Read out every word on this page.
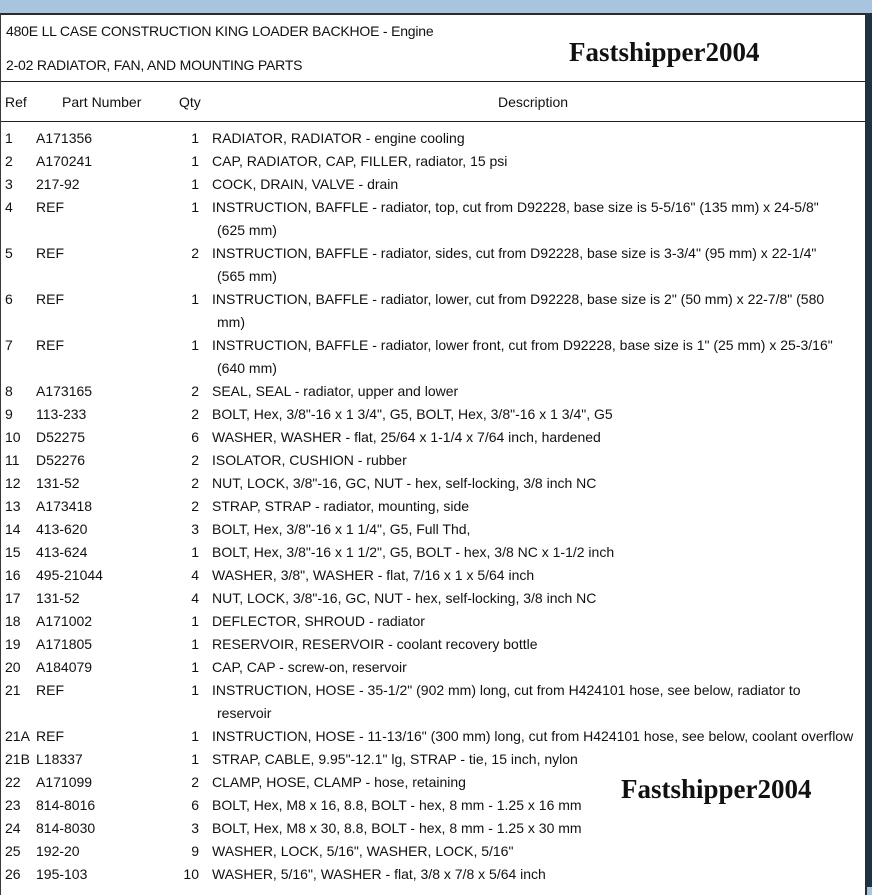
480E LL CASE CONSTRUCTION KING LOADER BACKHOE - Engine
2-02 RADIATOR, FAN, AND MOUNTING PARTS	Fastshipper2004
Ref	Part Number	Qty	Description
1	A171356	1 RADIATOR, RADIATOR - engine cooling
2	A170241	1 CAP, RADIATOR, CAP, FILLER, radiator, 15 psi
3	217-92	1 COCK, DRAIN, VALVE - drain
4	REF	1 INSTRUCTION, BAFFLE - radiator, top, cut from D92228, base size is 5-5/16" (135 mm) x 24-5/8"
(625 mm)
5	REF	2 INSTRUCTION, BAFFLE - radiator, sides, cut from D92228, base size is 3-3/4" (95 mm) x 22-1/4"
(565 mm)
6	REF	1 INSTRUCTION, BAFFLE - radiator, lower, cut from D92228, base size is 2" (50 mm) x 22-7/8" (580
mm)
7	REF	1 INSTRUCTION, BAFFLE - radiator, lower front, cut from D92228, base size is 1" (25 mm) x 25-3/16"
(640 mm)
8	A173165	2 SEAL, SEAL - radiator, upper and lower
9	113-233	2 BOLT, Hex, 3/8"-16 x 1 3/4", G5, BOLT, Hex, 3/8"-16 x 1 3/4", G5
10	D52275	6 WASHER, WASHER - flat, 25/64 x 1-1/4 x 7/64 inch, hardened
11	D52276	2 ISOLATOR, CUSHION - rubber
12	131-52	2 NUT, LOCK, 3/8"-16, GC, NUT - hex, self-locking, 3/8 inch NC
13	A173418	2 STRAP, STRAP - radiator, mounting, side
14	413-620	3 BOLT, Hex, 3/8"-16 x 1 1/4", G5, Full Thd,
15	413-624	1 BOLT, Hex, 3/8"-16 x 1 1/2", G5, BOLT - hex, 3/8 NC x 1-1/2 inch
16	495-21044	4 WASHER, 3/8", WASHER - flat, 7/16 x 1 x 5/64 inch
17	131-52	4 NUT, LOCK, 3/8"-16, GC, NUT - hex, self-locking, 3/8 inch NC
18	A171002	1 DEFLECTOR, SHROUD - radiator
19	A171805	1 RESERVOIR, RESERVOIR - coolant recovery bottle
20	A184079	1 CAP, CAP - screw-on, reservoir
21	REF	1 INSTRUCTION, HOSE - 35-1/2" (902 mm) long, cut from H424101 hose, see below, radiator to
reservoir
21A REF	1 INSTRUCTION, HOSE - 11-13/16" (300 mm) long, cut from H424101 hose, see below, coolant overflow
21B L18337	1 STRAP, CABLE, 9.95"-12.1" lg, STRAP - tie, 15 inch, nylon
22	A171099	2 CLAMP, HOSE, CLAMP - hose, retaining
23	814-8016	6 BOLT, Hex, M8 x 16, 8.8, BOLT - hex, 8 mm - 1.25 x 16 mm
24	814-8030	3 BOLT, Hex, M8 x 30, 8.8, BOLT - hex, 8 mm - 1.25 x 30 mm
25	192-20	9 WASHER, LOCK, 5/16", WASHER, LOCK, 5/16"
26	195-103	10 WASHER, 5/16", WASHER - flat, 3/8 x 7/8 x 5/64 inch
Fastshipper2004
